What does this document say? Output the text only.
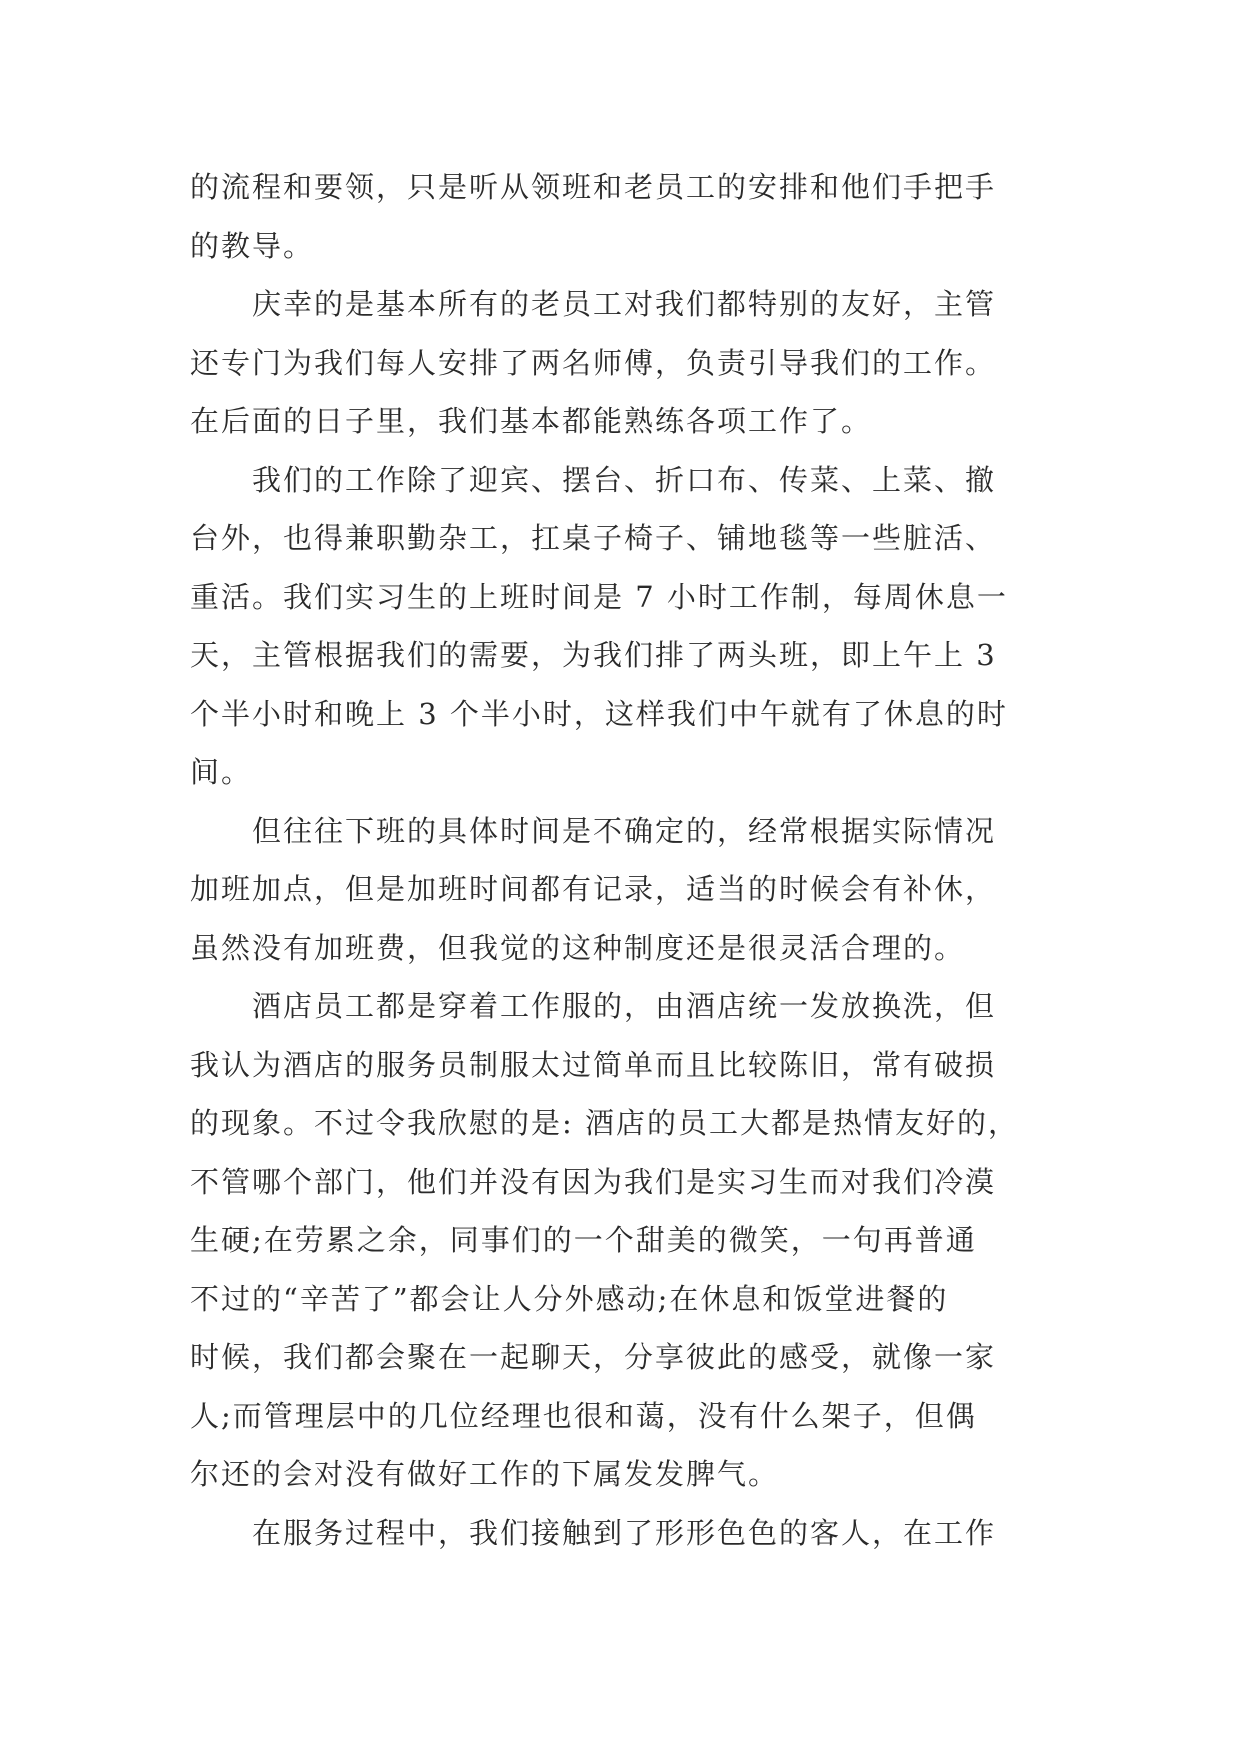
的流程和要领，只是听从领班和老员工的安排和他们手把手
的教导。
庆幸的是基本所有的老员工对我们都特别的友好，主管
还专门为我们每人安排了两名师傅，负责引导我们的工作。
在后面的日子里，我们基本都能熟练各项工作了。
我们的工作除了迎宾、摆台、折口布、传菜、上菜、撤
台外，也得兼职勤杂工，扛桌子椅子、铺地毯等一些脏活、
重活。我们实习生的上班时间是 7 小时工作制，每周休息一
天，主管根据我们的需要，为我们排了两头班，即上午上 3
个半小时和晚上 3 个半小时，这样我们中午就有了休息的时
间。
但往往下班的具体时间是不确定的，经常根据实际情况
加班加点，但是加班时间都有记录，适当的时候会有补休，
虽然没有加班费，但我觉的这种制度还是很灵活合理的。
酒店员工都是穿着工作服的，由酒店统一发放换洗，但
我认为酒店的服务员制服太过简单而且比较陈旧，常有破损
的现象。不过令我欣慰的是: 酒店的员工大都是热情友好的，
不管哪个部门，他们并没有因为我们是实习生而对我们冷漠
生硬;在劳累之余，同事们的一个甜美的微笑，一句再普通
不过的“辛苦了”都会让人分外感动;在休息和饭堂进餐的
时候，我们都会聚在一起聊天，分享彼此的感受，就像一家
人;而管理层中的几位经理也很和蔼，没有什么架子，但偶
尔还的会对没有做好工作的下属发发脾气。
在服务过程中，我们接触到了形形色色的客人，在工作
